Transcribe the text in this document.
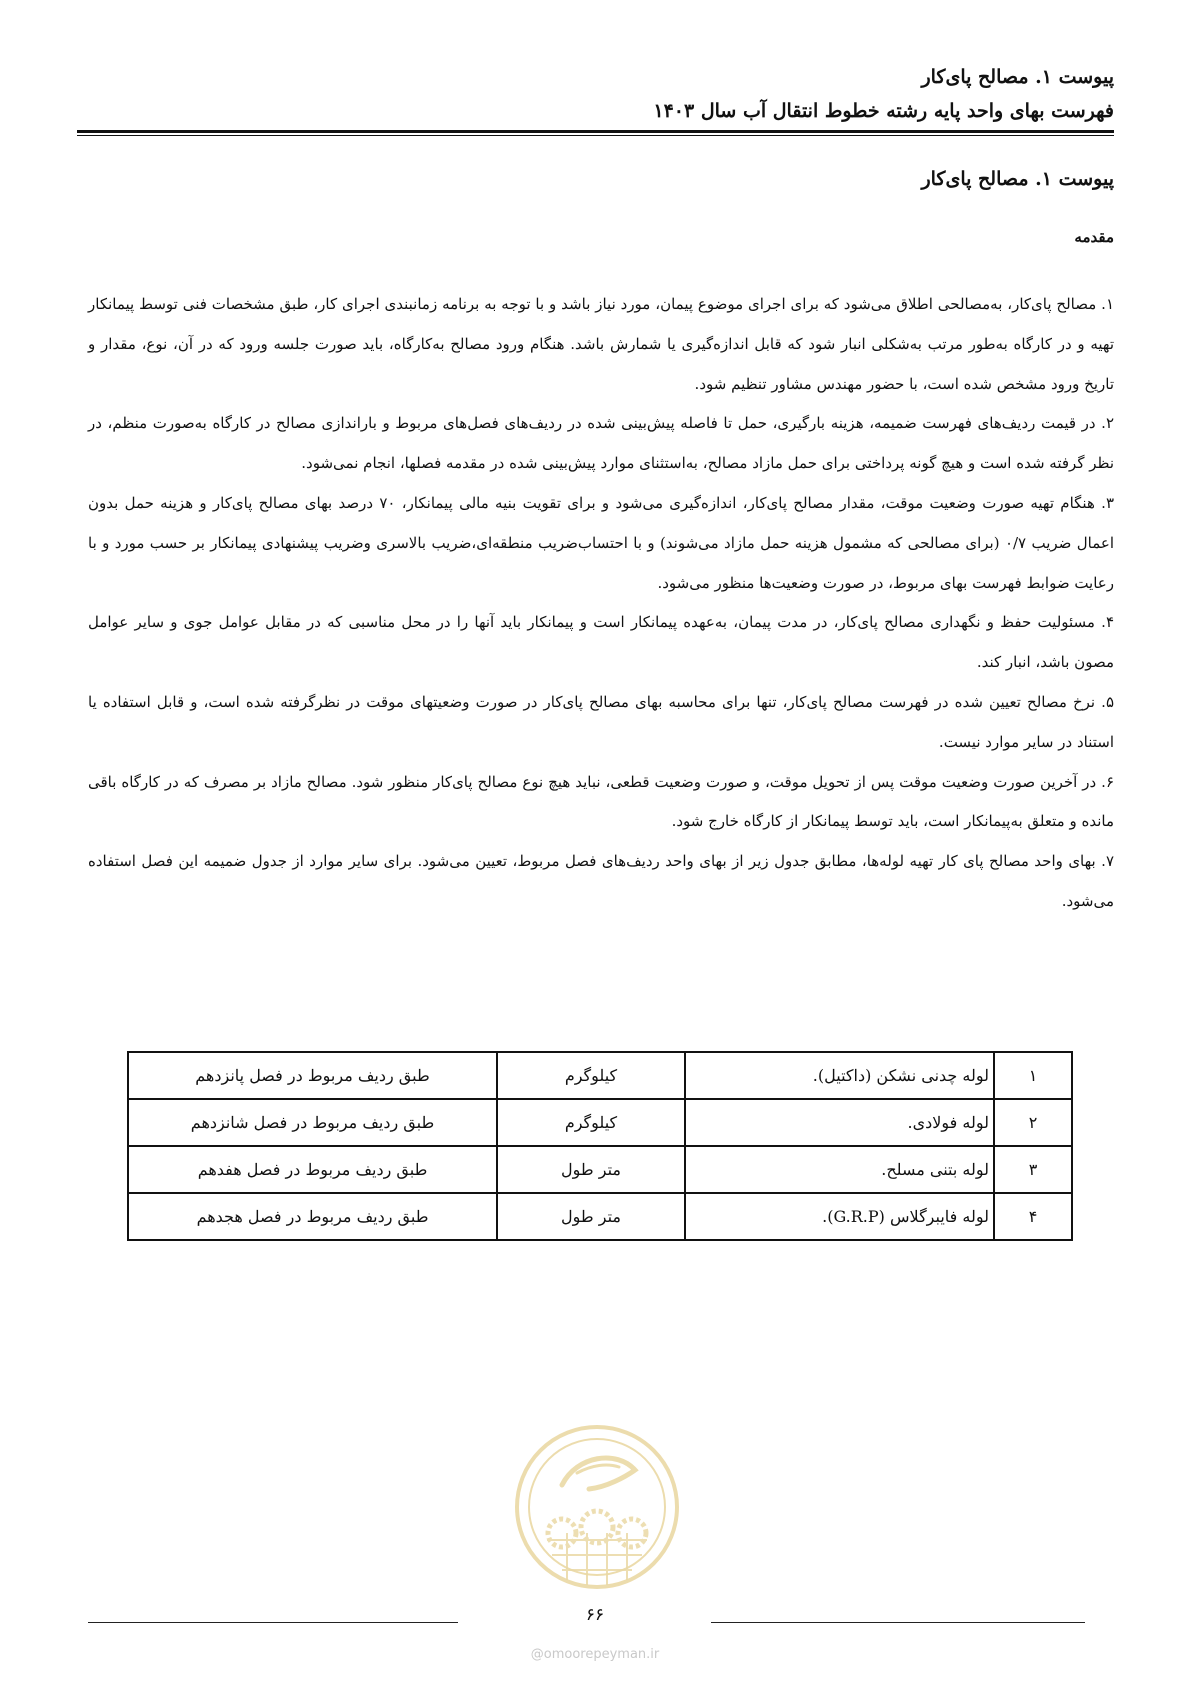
پیوست ۱. مصالح پای‌کار
فهرست بهای واحد پایه رشته خطوط انتقال آب سال ۱۴۰۳
پیوست ۱. مصالح پای‌کار
مقدمه

۱. مصالح پای‌کار، به‌مصالحی اطلاق می‌شود که برای اجرای موضوع پیمان، مورد نیاز باشد و با توجه به برنامه زمانبندی اجرای کار، طبق مشخصات فنی توسط پیمانکار تهیه و در کارگاه به‌طور مرتب به‌شکلی انبار شود که قابل اندازه‌گیری یا شمارش باشد. هنگام ورود مصالح به‌کارگاه، باید صورت جلسه ورود که در آن، نوع، مقدار و تاریخ ورود مشخص شده است، با حضور مهندس مشاور تنظیم شود.

۲. در قیمت ردیف‌های فهرست ضمیمه، هزینه بارگیری، حمل تا فاصله پیش‌بینی شده در ردیف‌های فصل‌های مربوط و باراندازی مصالح در کارگاه به‌صورت منظم، در نظر گرفته شده است و هیچ گونه پرداختی برای حمل مازاد مصالح، به‌استثنای موارد پیش‌بینی شده در مقدمه فصلها، انجام نمی‌شود.

۳. هنگام تهیه صورت وضعیت موقت، مقدار مصالح پای‌کار، اندازه‌گیری می‌شود و برای تقویت بنیه مالی پیمانکار، ۷۰ درصد بهای مصالح پای‌کار و هزینه حمل بدون اعمال ضریب ۰/۷ (برای مصالحی که مشمول هزینه حمل مازاد می‌شوند) و با احتساب‌ضریب منطقه‌ای،ضریب بالاسری وضریب پیشنهادی پیمانکار بر حسب مورد و با رعایت ضوابط فهرست بهای مربوط، در صورت وضعیت‌ها منظور می‌شود.

۴. مسئولیت حفظ و نگهداری مصالح پای‌کار، در مدت پیمان، به‌عهده پیمانکار است و پیمانکار باید آنها را در محل مناسبی که در مقابل عوامل جوی و سایر عوامل مصون باشد، انبار کند.

۵. نرخ مصالح تعیین شده در فهرست مصالح پای‌کار، تنها برای محاسبه بهای مصالح پای‌کار در صورت وضعیتهای موقت در نظرگرفته شده است، و قابل استفاده یا استناد در سایر موارد نیست.

۶. در آخرین صورت وضعیت موقت پس از تحویل موقت، و صورت وضعیت قطعی، نباید هیچ نوع مصالح پای‌کار منظور شود. مصالح مازاد بر مصرف که در کارگاه باقی مانده و متعلق به‌پیمانکار است، باید توسط پیمانکار از کارگاه خارج شود.

۷. بهای واحد مصالح پای کار تهیه لوله‌ها، مطابق جدول زیر از بهای واحد ردیف‌های فصل مربوط، تعیین می‌شود. برای سایر موارد از جدول ضمیمه این فصل استفاده می‌شود.

۱	لوله چدنی نشکن (داکتیل).	کیلوگرم	طبق ردیف مربوط در فصل پانزدهم
۲	لوله فولادی.	کیلوگرم	طبق ردیف مربوط در فصل شانزدهم
۳	لوله بتنی مسلح.	متر طول	طبق ردیف مربوط در فصل هفدهم
۴	لوله فایبرگلاس (G.R.P).	متر طول	طبق ردیف مربوط در فصل هجدهم
۶۶
@omoorepeyman.ir
